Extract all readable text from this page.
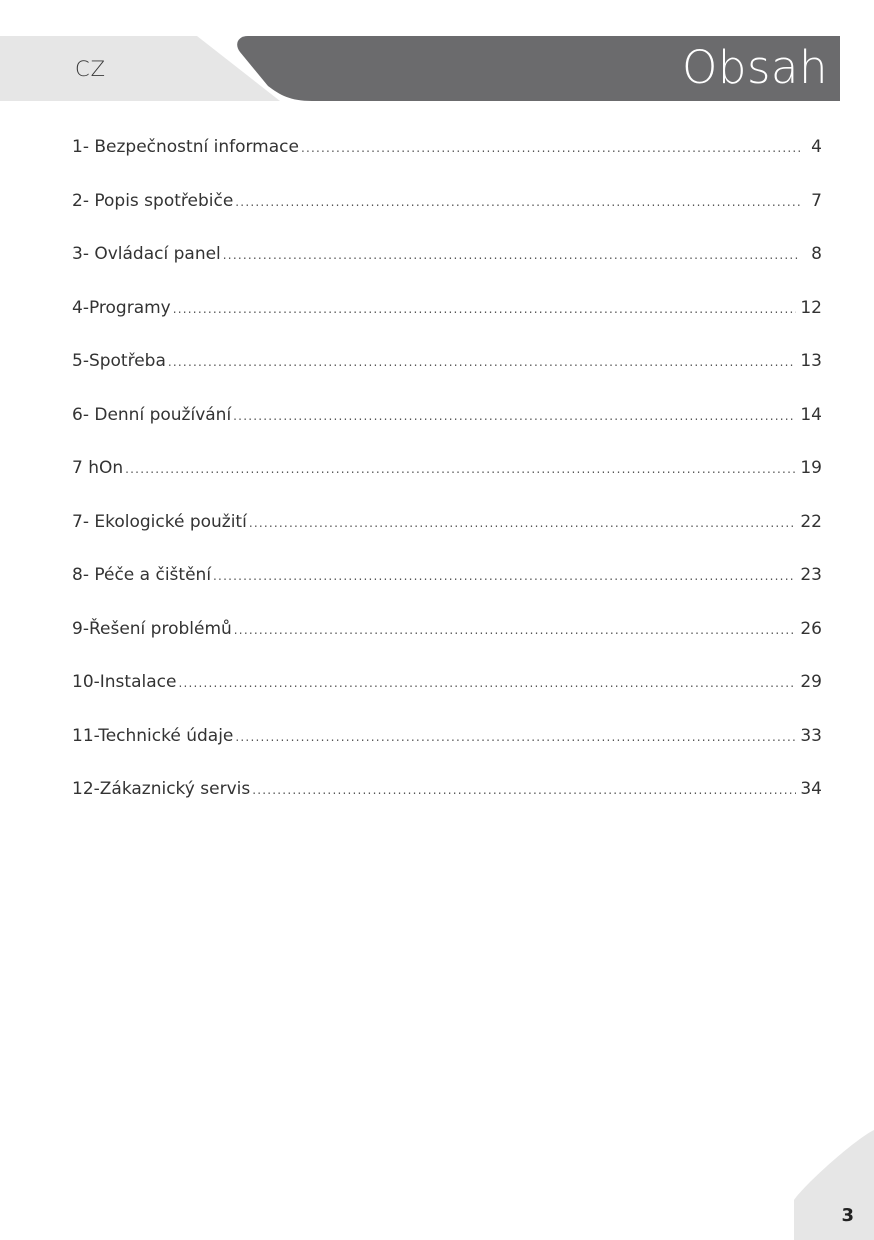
CZ	Obsah
1- Bezpečnostní informace .....	4
2- Popis spotřebiče .....	7
3- Ovládací panel .....	8
4-Programy .....	12
5-Spotřeba .....	13
6- Denní používání .....	14
7 hOn .....	19
7- Ekologické použití .....	22
8- Péče a čištění .....	23
9-Řešení problémů .....	26
10-Instalace .....	29
11-Technické údaje .....	33
12-Zákaznický servis .....	34
3
